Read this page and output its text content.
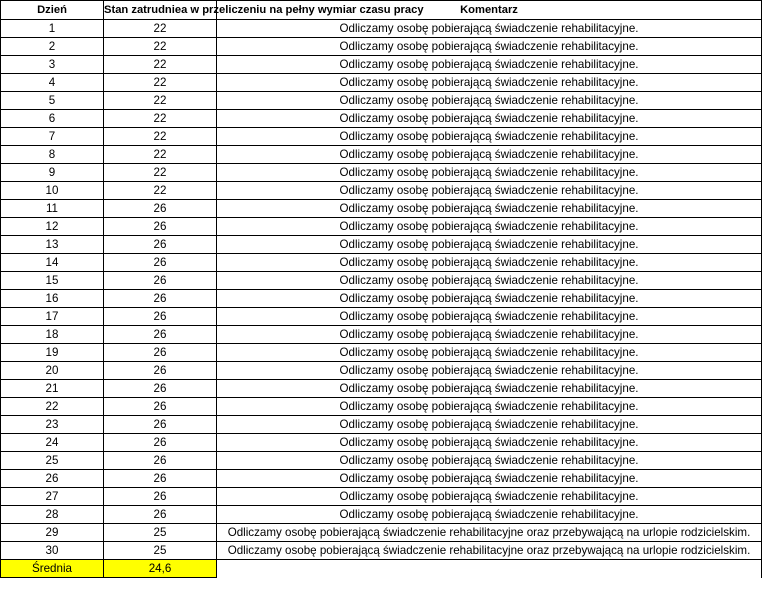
Dzień	Stan zatrudniea w przeliczeniu na pełny wymiar czasu pracy	Komentarz
1	22	Odliczamy osobę pobierającą świadczenie rehabilitacyjne.
2	22	Odliczamy osobę pobierającą świadczenie rehabilitacyjne.
3	22	Odliczamy osobę pobierającą świadczenie rehabilitacyjne.
4	22	Odliczamy osobę pobierającą świadczenie rehabilitacyjne.
5	22	Odliczamy osobę pobierającą świadczenie rehabilitacyjne.
6	22	Odliczamy osobę pobierającą świadczenie rehabilitacyjne.
7	22	Odliczamy osobę pobierającą świadczenie rehabilitacyjne.
8	22	Odliczamy osobę pobierającą świadczenie rehabilitacyjne.
9	22	Odliczamy osobę pobierającą świadczenie rehabilitacyjne.
10	22	Odliczamy osobę pobierającą świadczenie rehabilitacyjne.
11	26	Odliczamy osobę pobierającą świadczenie rehabilitacyjne.
12	26	Odliczamy osobę pobierającą świadczenie rehabilitacyjne.
13	26	Odliczamy osobę pobierającą świadczenie rehabilitacyjne.
14	26	Odliczamy osobę pobierającą świadczenie rehabilitacyjne.
15	26	Odliczamy osobę pobierającą świadczenie rehabilitacyjne.
16	26	Odliczamy osobę pobierającą świadczenie rehabilitacyjne.
17	26	Odliczamy osobę pobierającą świadczenie rehabilitacyjne.
18	26	Odliczamy osobę pobierającą świadczenie rehabilitacyjne.
19	26	Odliczamy osobę pobierającą świadczenie rehabilitacyjne.
20	26	Odliczamy osobę pobierającą świadczenie rehabilitacyjne.
21	26	Odliczamy osobę pobierającą świadczenie rehabilitacyjne.
22	26	Odliczamy osobę pobierającą świadczenie rehabilitacyjne.
23	26	Odliczamy osobę pobierającą świadczenie rehabilitacyjne.
24	26	Odliczamy osobę pobierającą świadczenie rehabilitacyjne.
25	26	Odliczamy osobę pobierającą świadczenie rehabilitacyjne.
26	26	Odliczamy osobę pobierającą świadczenie rehabilitacyjne.
27	26	Odliczamy osobę pobierającą świadczenie rehabilitacyjne.
28	26	Odliczamy osobę pobierającą świadczenie rehabilitacyjne.
29	25	Odliczamy osobę pobierającą świadczenie rehabilitacyjne oraz przebywającą na urlopie rodzicielskim.
30	25	Odliczamy osobę pobierającą świadczenie rehabilitacyjne oraz przebywającą na urlopie rodzicielskim.
Średnia	24,6	
